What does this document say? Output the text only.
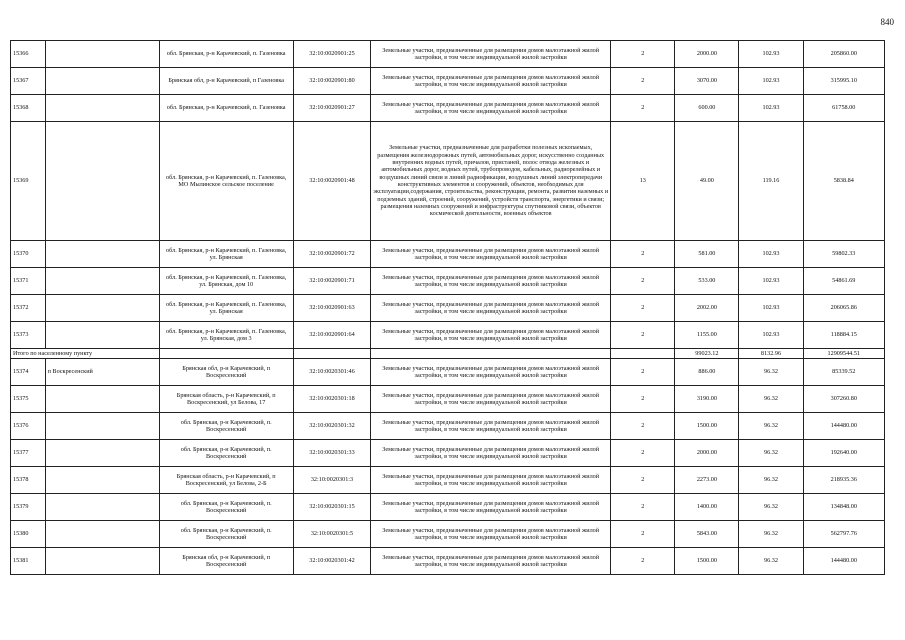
840
15366		обл. Брянская, р-н Карачевский, п. Газеновка	32:10:0020901:25	Земельные участки, предназначенные для размещения домов малоэтажной жилой застройки, в том числе индивидуальной жилой застройки	2	2000.00	102.93	205860.00
15367		Брянская обл, р-н Карачевский, п Газеновка	32:10:0020901:80	Земельные участки, предназначенные для размещения домов малоэтажной жилой застройки, в том числе индивидуальной жилой застройки	2	3070.00	102.93	315995.10
15368		обл. Брянская, р-н Карачевский, п. Газеновка	32:10:0020901:27	Земельные участки, предназначенные для размещения домов малоэтажной жилой застройки, в том числе индивидуальной жилой застройки	2	600.00	102.93	61758.00
15369		обл. Брянская, р-н Карачевский, п. Газеновка, МО Мылинское сельское поселение	32:10:0020901:48	Земельные участки, предназначенные для разработки полезных ископаемых, размещения железнодорожных путей, автомобильных дорог, искусственно созданных внутренних водных путей, причалов, пристаней, полос отвода железных и автомобильных дорог, водных путей, трубопроводов, кабельных, радиорелейных и воздушных линий связи и линий радиофикации, воздушных линий электропередачи конструктивных элементов и сооружений, объектов, необходимых для эксплуатации,содержания, строительства, реконструкции, ремонта, развития наземных и подземных зданий, строений, сооружений, устройств транспорта, энергетики и связи; размещения наземных сооружений и инфраструктуры спутниковой связи, объектов космической деятельности, военных объектов	13	49.00	119.16	5838.84
15370		обл. Брянская, р-н Карачевский, п. Газеновка, ул. Брянская	32:10:0020901:72	Земельные участки, предназначенные для размещения домов малоэтажной жилой застройки, в том числе индивидуальной жилой застройки	2	581.00	102.93	59802.33
15371		обл. Брянская, р-н Карачевский, п. Газеновка, ул. Брянская, дом 10	32:10:0020901:71	Земельные участки, предназначенные для размещения домов малоэтажной жилой застройки, в том числе индивидуальной жилой застройки	2	533.00	102.93	54861.69
15372		обл. Брянская, р-н Карачевский, п. Газеновка, ул. Брянская	32:10:0020901:63	Земельные участки, предназначенные для размещения домов малоэтажной жилой застройки, в том числе индивидуальной жилой застройки	2	2002.00	102.93	206065.86
15373		обл. Брянская, р-н Карачевский, п. Газеновка, ул. Брянская, дом 3	32:10:0020901:64	Земельные участки, предназначенные для размещения домов малоэтажной жилой застройки, в том числе индивидуальной жилой застройки	2	1155.00	102.93	118884.15
Итого по населенному пункту						99023.12	8132.96	12909544.51
15374	п Воскресенский	Брянская обл, р-н Карачевский, п Воскресенский	32:10:0020301:46	Земельные участки, предназначенные для размещения домов малоэтажной жилой застройки, в том числе индивидуальной жилой застройки	2	886.00	96.32	85339.52
15375		Брянская область, р-н Карачевский, п Воскресенский, ул Белова, 17	32:10:0020301:18	Земельные участки, предназначенные для размещения домов малоэтажной жилой застройки, в том числе индивидуальной жилой застройки	2	3190.00	96.32	307260.80
15376		обл. Брянская, р-н Карачевский, п. Воскресенский	32:10:0020301:32	Земельные участки, предназначенные для размещения домов малоэтажной жилой застройки, в том числе индивидуальной жилой застройки	2	1500.00	96.32	144480.00
15377		обл. Брянская, р-н Карачевский, п. Воскресенский	32:10:0020301:33	Земельные участки, предназначенные для размещения домов малоэтажной жилой застройки, в том числе индивидуальной жилой застройки	2	2000.00	96.32	192640.00
15378		Брянская область, р-н Карачевский, п Воскресенский, ул Белова, 2-Б	32:10:0020301:3	Земельные участки, предназначенные для размещения домов малоэтажной жилой застройки, в том числе индивидуальной жилой застройки	2	2273.00	96.32	218935.36
15379		обл. Брянская, р-н Карачевский, п. Воскресенский	32:10:0020301:15	Земельные участки, предназначенные для размещения домов малоэтажной жилой застройки, в том числе индивидуальной жилой застройки	2	1400.00	96.32	134848.00
15380		обл. Брянская, р-н Карачевский, п. Воскресенский	32:10:0020301:5	Земельные участки, предназначенные для размещения домов малоэтажной жилой застройки, в том числе индивидуальной жилой застройки	2	5843.00	96.32	562797.76
15381		Брянская обл, р-н Карачевский, п Воскресенский	32:10:0020301:42	Земельные участки, предназначенные для размещения домов малоэтажной жилой застройки, в том числе индивидуальной жилой застройки	2	1500.00	96.32	144480.00
